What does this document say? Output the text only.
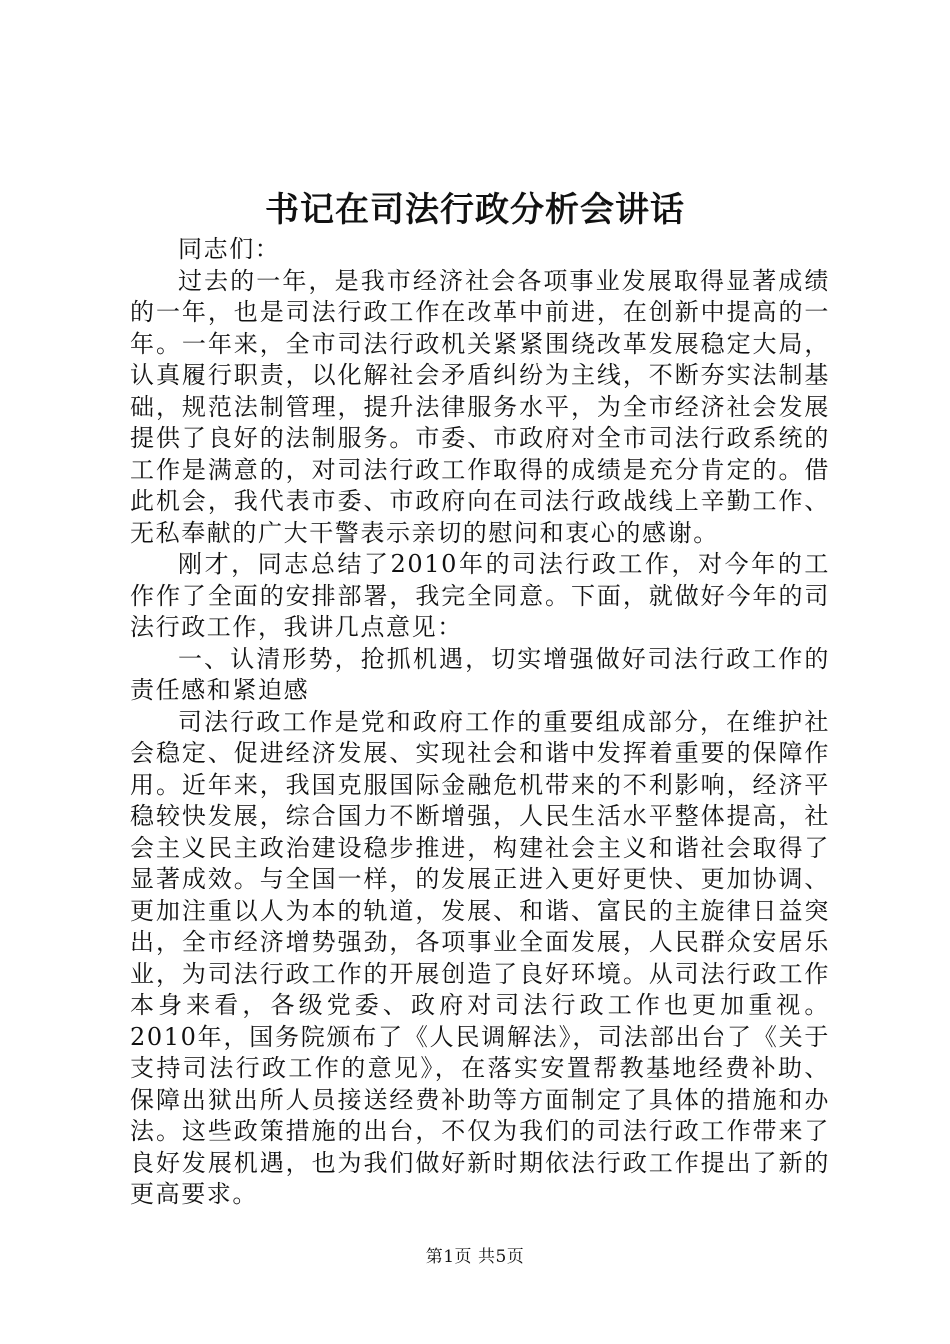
书记在司法行政分析会讲话

同志们：

过去的一年，是我市经济社会各项事业发展取得显著成绩的一年，也是司法行政工作在改革中前进，在创新中提高的一年。一年来，全市司法行政机关紧紧围绕改革发展稳定大局，认真履行职责，以化解社会矛盾纠纷为主线，不断夯实法制基础，规范法制管理，提升法律服务水平，为全市经济社会发展提供了良好的法制服务。市委、市政府对全市司法行政系统的工作是满意的，对司法行政工作取得的成绩是充分肯定的。借此机会，我代表市委、市政府向在司法行政战线上辛勤工作、无私奉献的广大干警表示亲切的慰问和衷心的感谢。

刚才，同志总结了2010年的司法行政工作，对今年的工作作了全面的安排部署，我完全同意。下面，就做好今年的司法行政工作，我讲几点意见：

一、认清形势，抢抓机遇，切实增强做好司法行政工作的责任感和紧迫感

司法行政工作是党和政府工作的重要组成部分，在维护社会稳定、促进经济发展、实现社会和谐中发挥着重要的保障作用。近年来，我国克服国际金融危机带来的不利影响，经济平稳较快发展，综合国力不断增强，人民生活水平整体提高，社会主义民主政治建设稳步推进，构建社会主义和谐社会取得了显著成效。与全国一样，的发展正进入更好更快、更加协调、更加注重以人为本的轨道，发展、和谐、富民的主旋律日益突出，全市经济增势强劲，各项事业全面发展，人民群众安居乐业，为司法行政工作的开展创造了良好环境。从司法行政工作本身来看，各级党委、政府对司法行政工作也更加重视。2010年，国务院颁布了《人民调解法》，司法部出台了《关于支持司法行政工作的意见》，在落实安置帮教基地经费补助、保障出狱出所人员接送经费补助等方面制定了具体的措施和办法。这些政策措施的出台，不仅为我们的司法行政工作带来了良好发展机遇，也为我们做好新时期依法行政工作提出了新的更高要求。

第1页 共5页
